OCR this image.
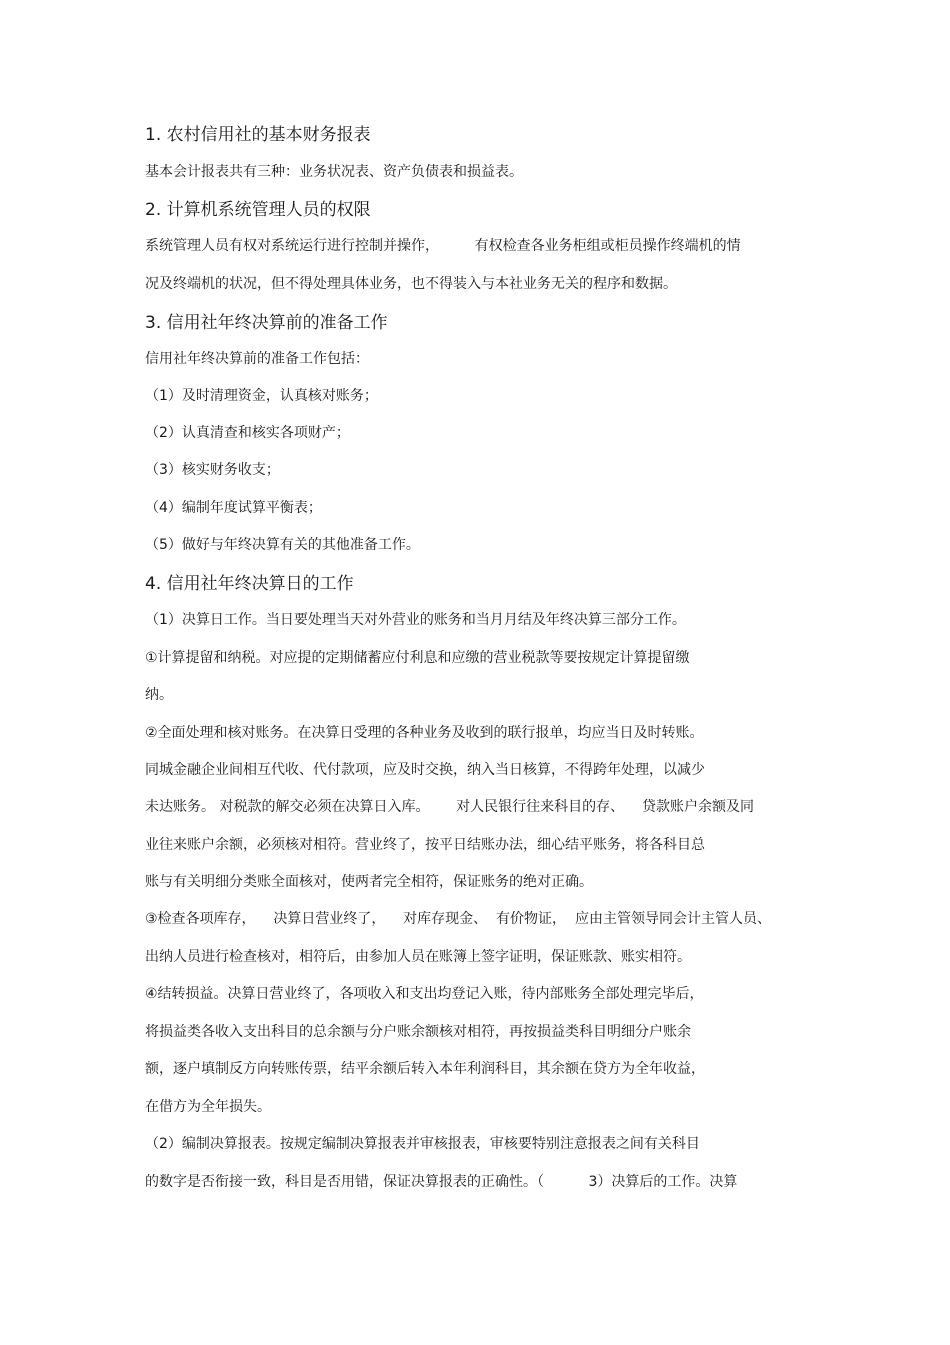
1. 农村信用社的基本财务报表
基本会计报表共有三种：业务状况表、资产负债表和损益表。
2. 计算机系统管理人员的权限
系统管理人员有权对系统运行进行控制并操作，        有权检查各业务柜组或柜员操作终端机的情
况及终端机的状况，但不得处理具体业务，也不得装入与本社业务无关的程序和数据。
3. 信用社年终决算前的准备工作
信用社年终决算前的准备工作包括：
（1）及时清理资金，认真核对账务；
（2）认真清查和核实各项财产；
（3）核实财务收支；
（4）编制年度试算平衡表；
（5）做好与年终决算有关的其他准备工作。
4. 信用社年终决算日的工作
（1）决算日工作。当日要处理当天对外营业的账务和当月月结及年终决算三部分工作。
①计算提留和纳税。对应提的定期储蓄应付利息和应缴的营业税款等要按规定计算提留缴
纳。
②全面处理和核对账务。在决算日受理的各种业务及收到的联行报单，均应当日及时转账。
同城金融企业间相互代收、代付款项，应及时交换，纳入当日核算，不得跨年处理，以减少
未达账务。 对税款的解交必须在决算日入库。      对人民银行往来科目的存、    贷款账户余额及同
业往来账户余额，必须核对相符。营业终了，按平日结账办法，细心结平账务，将各科目总
账与有关明细分类账全面核对，使两者完全相符，保证账务的绝对正确。
③检查各项库存，    决算日营业终了，    对库存现金、  有价物证，  应由主管领导同会计主管人员、
出纳人员进行检查核对，相符后，由参加人员在账簿上签字证明，保证账款、账实相符。
④结转损益。决算日营业终了，各项收入和支出均登记入账，待内部账务全部处理完毕后，
将损益类各收入支出科目的总余额与分户账余额核对相符，再按损益类科目明细分户账余
额，逐户填制反方向转账传票，结平余额后转入本年利润科目，其余额在贷方为全年收益，
在借方为全年损失。
（2）编制决算报表。按规定编制决算报表并审核报表，审核要特别注意报表之间有关科目
的数字是否衔接一致，科目是否用错，保证决算报表的正确性。（          3）决算后的工作。决算
